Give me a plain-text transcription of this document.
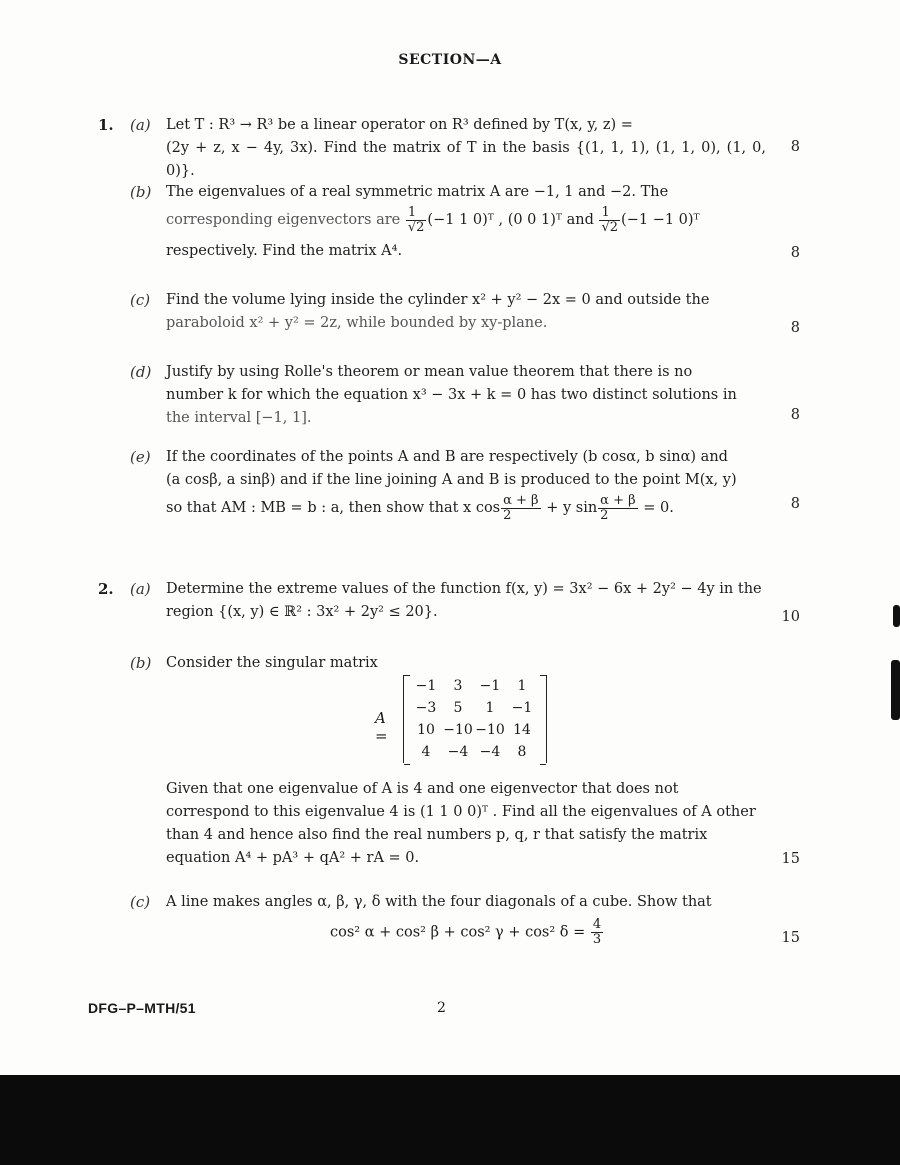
SECTION—A
1. (a) Let T : R³ → R³ be a linear operator on R³ defined by T(x, y, z) =
(2y + z, x − 4y, 3x). Find the matrix of T in the basis {(1, 1, 1), (1, 1, 0), (1, 0, 0)}.
8
(b) The eigenvalues of a real symmetric matrix A are −1, 1 and −2. The
corresponding eigenvectors are $\frac{1}{√2} (-1$ 1 0)ᵀ , (0 0 1)ᵀ and $\frac{1}{√2} (-1 -1$ 0)ᵀ
respectively. Find the matrix A⁴.	8
(c) Find the volume lying inside the cylinder x² + y² − 2x = 0 and outside the
paraboloid x² + y² = 2z, while bounded by xy-plane.	8
(d) Justify by using Rolle's theorem or mean value theorem that there is no
number k for which the equation x³ − 3x + k = 0 has two distinct solutions in
the interval [−1, 1].	8
(e) If the coordinates of the points A and B are respectively (b cosα, b sinα) and
(a cosβ, a sinβ) and if the line joining A and B is produced to the point M(x, y)
so that AM : MB = b : a, then show that x $\cos \frac{\alpha + \beta}{2} + y$ $\sin \frac{\alpha + \beta}{2} = 0$.	8
2. (a) Determine the extreme values of the function f(x, y) = 3x² − 6x + 2y² − 4y in the
region {(x, y) ∈ ℝ² : 3x² + 2y² ≤ 20}.	10
(b) Consider the singular matrix
A =
−1	3	−1	1
−3	5	1	−1
10 −10 −10 14
4	−4 −4	8
Given that one eigenvalue of A is 4 and one eigenvector that does not
correspond to this eigenvalue 4 is (1 1 0 0)ᵀ . Find all the eigenvalues of A other
than 4 and hence also find the real numbers p, q, r that satisfy the matrix
equation A⁴ + pA³ + qA² + rA = 0.	15
(c) A line makes angles α, β, γ, δ with the four diagonals of a cube. Show that
cos² α + cos² β + cos² γ + cos² $\delta = \frac{4}{3}$	15
DFG–P–MTH/51	2
